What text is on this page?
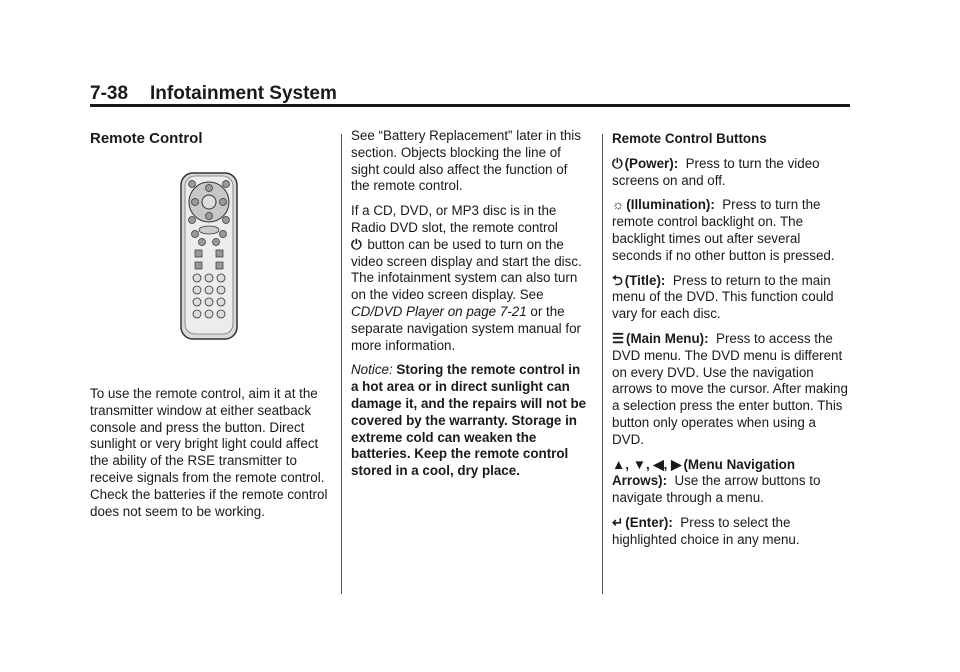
7-38 Infotainment System
Remote Control

To use the remote control, aim it at the transmitter window at either seatback console and press the button. Direct sunlight or very bright light could affect the ability of the RSE transmitter to receive signals from the remote control. Check the batteries if the remote control does not seem to be working.

See “Battery Replacement” later in this section. Objects blocking the line of sight could also affect the function of the remote control.

If a CD, DVD, or MP3 disc is in the Radio DVD slot, the remote control
⏻ button can be used to turn on the video screen display and start the disc. The infotainment system can also turn on the video screen display. See CD/DVD Player on page 7-21 or the separate navigation system manual for more information.

Notice: Storing the remote control in a hot area or in direct sunlight can damage it, and the repairs will not be covered by the warranty. Storage in extreme cold can weaken the batteries. Keep the remote control stored in a cool, dry place.

Remote Control Buttons

⏻ (Power): Press to turn the video screens on and off.

☼ (Illumination): Press to turn the remote control backlight on. The backlight times out after several seconds if no other button is pressed.

⮌ (Title): Press to return to the main menu of the DVD. This function could vary for each disc.

☰ (Main Menu): Press to access the DVD menu. The DVD menu is different on every DVD. Use the navigation arrows to move the cursor. After making a selection press the enter button. This button only operates when using a DVD.

▲, ▼, ◀, ▶ (Menu Navigation Arrows): Use the arrow buttons to navigate through a menu.

↵ (Enter): Press to select the highlighted choice in any menu.
